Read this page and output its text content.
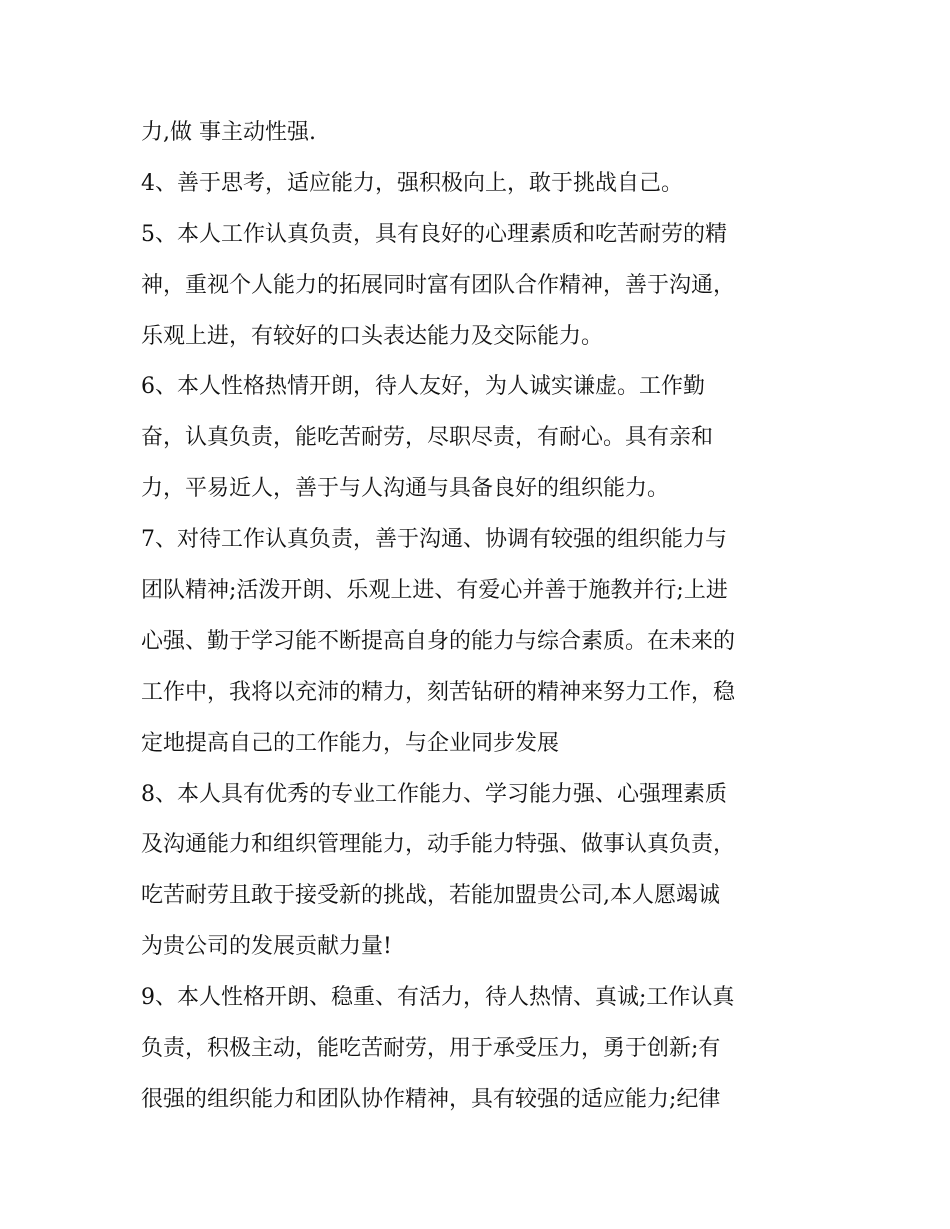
力,做 事主动性强.
4、善于思考，适应能力，强积极向上，敢于挑战自己。
5、本人工作认真负责，具有良好的心理素质和吃苦耐劳的精
神，重视个人能力的拓展同时富有团队合作精神，善于沟通，
乐观上进，有较好的口头表达能力及交际能力。
6、本人性格热情开朗，待人友好，为人诚实谦虚。工作勤
奋，认真负责，能吃苦耐劳，尽职尽责，有耐心。具有亲和
力，平易近人，善于与人沟通与具备良好的组织能力。
7、对待工作认真负责，善于沟通、协调有较强的组织能力与
团队精神;活泼开朗、乐观上进、有爱心并善于施教并行;上进
心强、勤于学习能不断提高自身的能力与综合素质。在未来的
工作中，我将以充沛的精力，刻苦钻研的精神来努力工作，稳
定地提高自己的工作能力，与企业同步发展
8、本人具有优秀的专业工作能力、学习能力强、心强理素质
及沟通能力和组织管理能力，动手能力特强、做事认真负责，
吃苦耐劳且敢于接受新的挑战，若能加盟贵公司,本人愿竭诚
为贵公司的发展贡献力量!
9、本人性格开朗、稳重、有活力，待人热情、真诚;工作认真
负责，积极主动，能吃苦耐劳，用于承受压力，勇于创新;有
很强的组织能力和团队协作精神，具有较强的适应能力;纪律
